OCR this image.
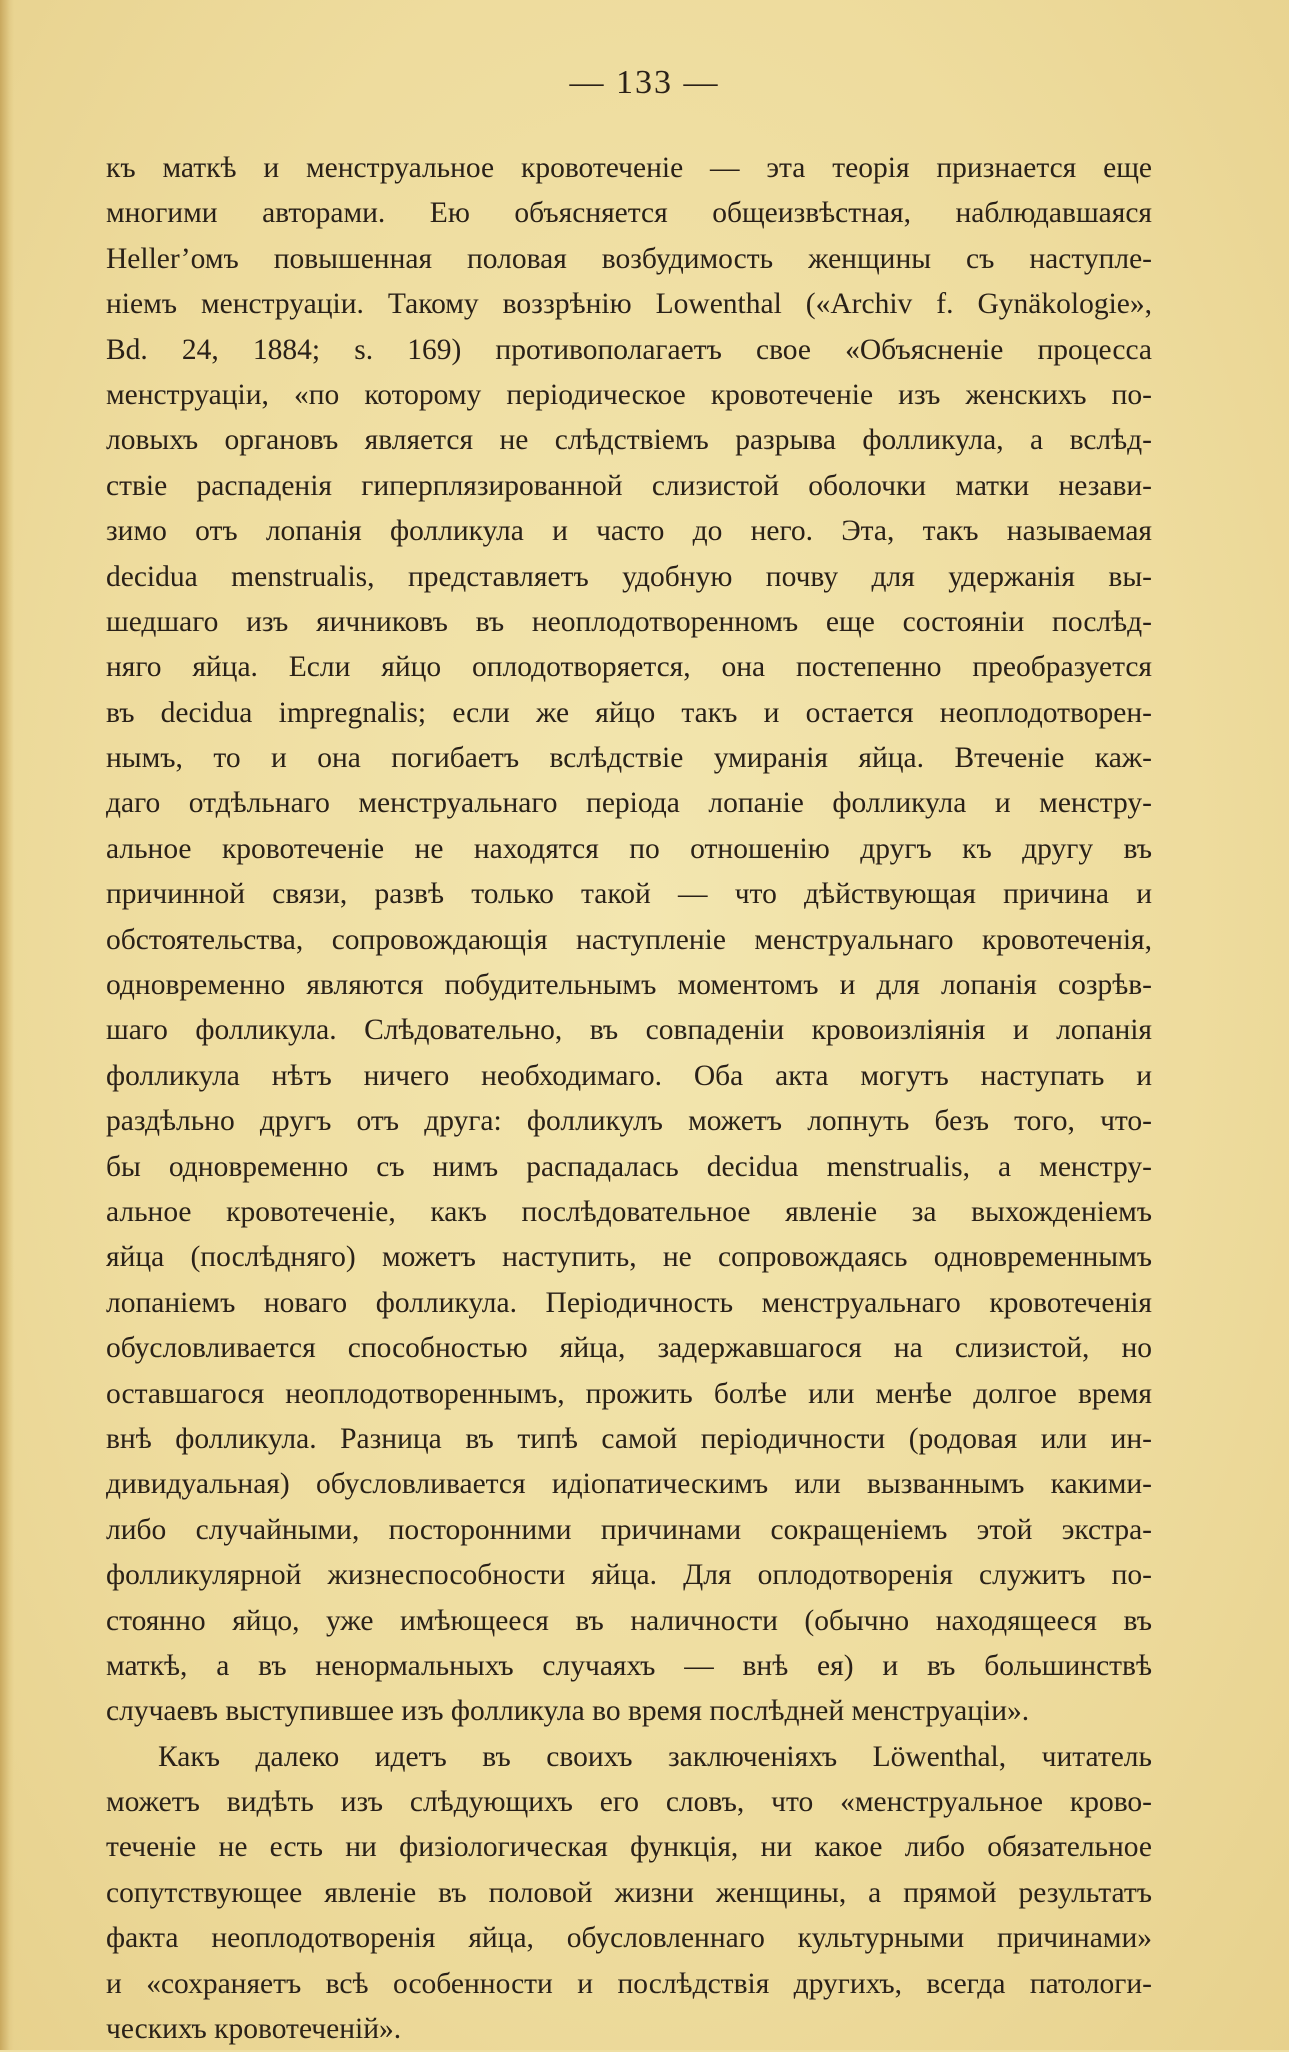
— 133 —
къ маткѣ и менструальное кровотеченіе — эта теорія признается еще
многими авторами. Ею объясняется общеизвѣстная, наблюдавшаяся
Heller’омъ повышенная половая возбудимость женщины съ наступле-
ніемъ менструаціи. Такому воззрѣнію Lowenthal («Archiv f. Gynäkologie»,
Bd. 24, 1884; s. 169) противополагаетъ свое «Объясненіе процесса
менструаціи, «по которому періодическое кровотеченіе изъ женскихъ по-
ловыхъ органовъ является не слѣдствіемъ разрыва фолликула, а вслѣд-
ствіе распаденія гиперплязированной слизистой оболочки матки незави-
зимо отъ лопанія фолликула и часто до него. Эта, такъ называемая
decidua menstrualis, представляетъ удобную почву для удержанія вы-
шедшаго изъ яичниковъ въ неоплодотворенномъ еще состояніи послѣд-
няго яйца. Если яйцо оплодотворяется, она постепенно преобразуется
въ decidua impregnalis; если же яйцо такъ и остается неоплодотворен-
нымъ, то и она погибаетъ вслѣдствіе умиранія яйца. Втеченіе каж-
даго отдѣльнаго менструальнаго періода лопаніе фолликула и менстру-
альное кровотеченіе не находятся по отношенію другъ къ другу въ
причинной связи, развѣ только такой — что дѣйствующая причина и
обстоятельства, сопровождающія наступленіе менструальнаго кровотеченія,
одновременно являются побудительнымъ моментомъ и для лопанія созрѣв-
шаго фолликула. Слѣдовательно, въ совпаденіи кровоизліянія и лопанія
фолликула нѣтъ ничего необходимаго. Оба акта могутъ наступать и
раздѣльно другъ отъ друга: фолликулъ можетъ лопнуть безъ того, что-
бы одновременно съ нимъ распадалась decidua menstrualis, а менстру-
альное кровотеченіе, какъ послѣдовательное явленіе за выхожденіемъ
яйца (послѣдняго) можетъ наступить, не сопровождаясь одновременнымъ
лопаніемъ новаго фолликула. Періодичность менструальнаго кровотеченія
обусловливается способностью яйца, задержавшагося на слизистой, но
оставшагося неоплодотвореннымъ, прожить болѣе или менѣе долгое время
внѣ фолликула. Разница въ типѣ самой періодичности (родовая или ин-
дивидуальная) обусловливается идіопатическимъ или вызваннымъ какими-
либо случайными, посторонними причинами сокращеніемъ этой экстра-
фолликулярной жизнеспособности яйца. Для оплодотворенія служитъ по-
стоянно яйцо, уже имѣющееся въ наличности (обычно находящееся въ
маткѣ, а въ ненормальныхъ случаяхъ — внѣ ея) и въ большинствѣ
случаевъ выступившее изъ фолликула во время послѣдней менструаціи».
Какъ далеко идетъ въ своихъ заключеніяхъ Löwenthal, читатель
можетъ видѣть изъ слѣдующихъ его словъ, что «менструальное крово-
теченіе не есть ни физіологическая функція, ни какое либо обязательное
сопутствующее явленіе въ половой жизни женщины, а прямой результатъ
факта неоплодотворенія яйца, обусловленнаго культурными причинами»
и «сохраняетъ всѣ особенности и послѣдствія другихъ, всегда патологи-
ческихъ кровотеченій».
